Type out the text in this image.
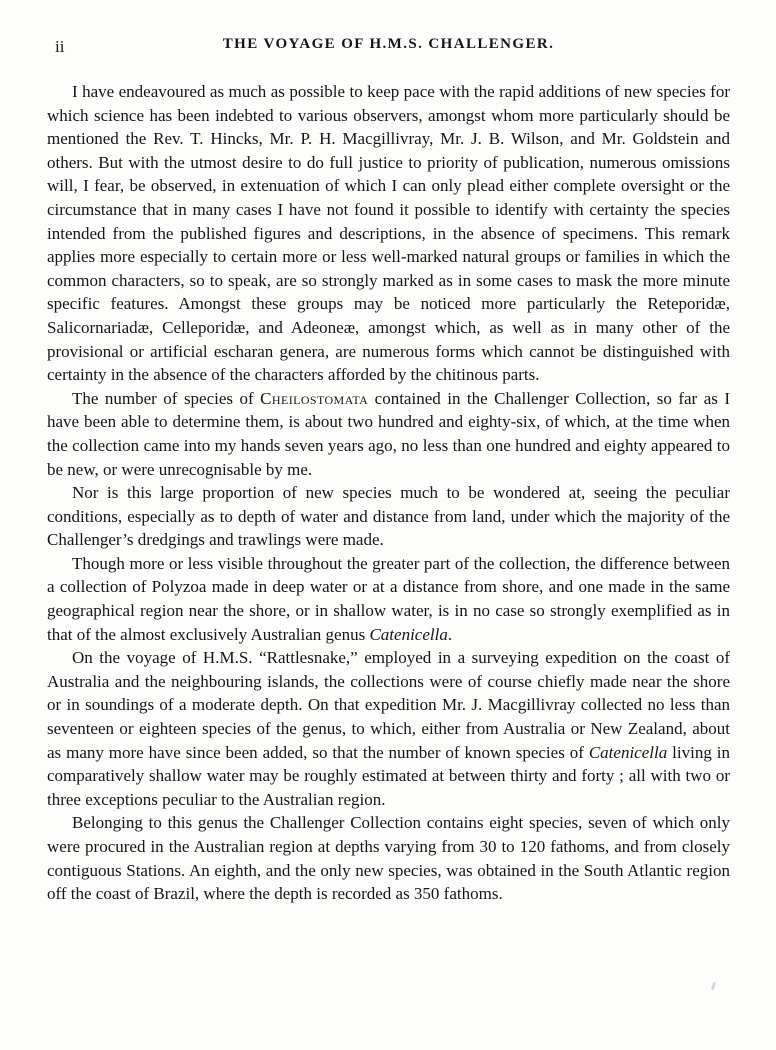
ii	THE VOYAGE OF H.M.S. CHALLENGER.

I have endeavoured as much as possible to keep pace with the rapid additions of new species for which science has been indebted to various observers, amongst whom more particularly should be mentioned the Rev. T. Hincks, Mr. P. H. Macgillivray, Mr. J. B. Wilson, and Mr. Goldstein and others. But with the utmost desire to do full justice to priority of publication, numerous omissions will, I fear, be observed, in extenuation of which I can only plead either complete oversight or the circumstance that in many cases I have not found it possible to identify with certainty the species intended from the published figures and descriptions, in the absence of specimens. This remark applies more especially to certain more or less well-marked natural groups or families in which the common characters, so to speak, are so strongly marked as in some cases to mask the more minute specific features. Amongst these groups may be noticed more particularly the Reteporidæ, Salicornariadæ, Celleporidæ, and Adeoneæ, amongst which, as well as in many other of the provisional or artificial escharan genera, are numerous forms which cannot be distinguished with certainty in the absence of the characters afforded by the chitinous parts.

The number of species of Cheilostomata contained in the Challenger Collection, so far as I have been able to determine them, is about two hundred and eighty-six, of which, at the time when the collection came into my hands seven years ago, no less than one hundred and eighty appeared to be new, or were unrecognisable by me.

Nor is this large proportion of new species much to be wondered at, seeing the peculiar conditions, especially as to depth of water and distance from land, under which the majority of the Challenger’s dredgings and trawlings were made.

Though more or less visible throughout the greater part of the collection, the difference between a collection of Polyzoa made in deep water or at a distance from shore, and one made in the same geographical region near the shore, or in shallow water, is in no case so strongly exemplified as in that of the almost exclusively Australian genus Catenicella.

On the voyage of H.M.S. “Rattlesnake,” employed in a surveying expedition on the coast of Australia and the neighbouring islands, the collections were of course chiefly made near the shore or in soundings of a moderate depth. On that expedition Mr. J. Macgillivray collected no less than seventeen or eighteen species of the genus, to which, either from Australia or New Zealand, about as many more have since been added, so that the number of known species of Catenicella living in comparatively shallow water may be roughly estimated at between thirty and forty ; all with two or three exceptions peculiar to the Australian region.

Belonging to this genus the Challenger Collection contains eight species, seven of which only were procured in the Australian region at depths varying from 30 to 120 fathoms, and from closely contiguous Stations. An eighth, and the only new species, was obtained in the South Atlantic region off the coast of Brazil, where the depth is recorded as 350 fathoms.
